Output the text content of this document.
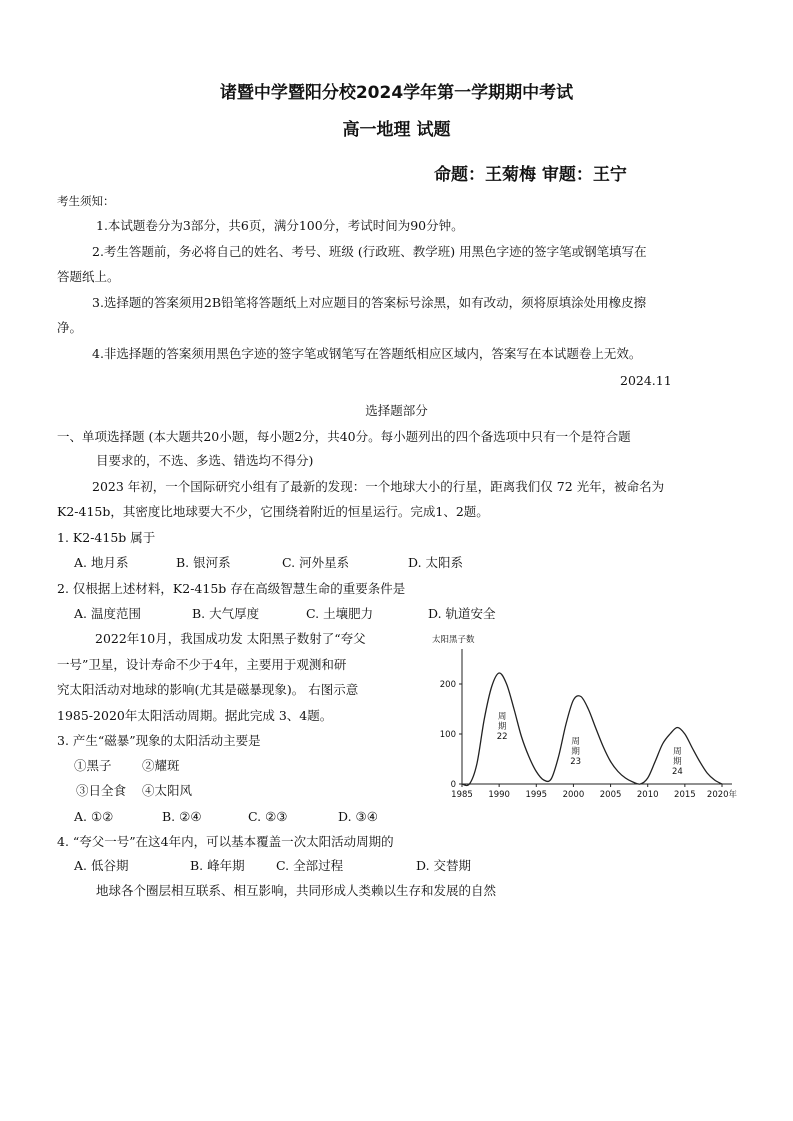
诸暨中学暨阳分校2024学年第一学期期中考试
高一地理 试题
命题：王菊梅 审题：王宁
考生须知：
1.本试题卷分为3部分，共6页，满分100分，考试时间为90分钟。
2.考生答题前，务必将自己的姓名、考号、班级 (行政班、教学班) 用黑色字迹的签字笔或钢笔填写在
答题纸上。
3.选择题的答案须用2B铅笔将答题纸上对应题目的答案标号涂黑，如有改动，须将原填涂处用橡皮擦
净。
4.非选择题的答案须用黑色字迹的签字笔或钢笔写在答题纸相应区域内，答案写在本试题卷上无效。
2024.11
选择题部分
一、单项选择题 (本大题共20小题，每小题2分，共40分。每小题列出的四个备选项中只有一个是符合题
目要求的，不选、多选、错选均不得分)
2023 年初，一个国际研究小组有了最新的发现：一个地球大小的行星，距离我们仅 72 光年，被命名为
K2-415b，其密度比地球要大不少，它围绕着附近的恒星运行。完成1、2题。
1. K2-415b 属于
A. 地月系	B. 银河系	C. 河外星系	D. 太阳系
2. 仅根据上述材料，K2-415b 存在高级智慧生命的重要条件是
A. 温度范围	B. 大气厚度	C. 土壤肥力	D. 轨道安全
2022年10月，我国成功发 太阳黑子数射了“夸父
一号”卫星，设计寿命不少于4年，主要用于观测和研
究太阳活动对地球的影响(尤其是磁暴现象)。 右图示意
1985-2020年太阳活动周期。据此完成 3、4题。
3. 产生“磁暴”现象的太阳活动主要是
①黑子 ②耀斑
③日全食 ④太阳风
A. ①②	B. ②④	C. ②③	D. ③④
4. “夸父一号”在这4年内，可以基本覆盖一次太阳活动周期的
A. 低谷期	B. 峰年期	C. 全部过程	D. 交替期
地球各个圈层相互联系、相互影响，共同形成人类赖以生存和发展的自然
太阳黑子数
0
100
200
1985 1990 1995 2000 2005 2010 2015 2020年
周
期
22	周
期
23
周
期
24
